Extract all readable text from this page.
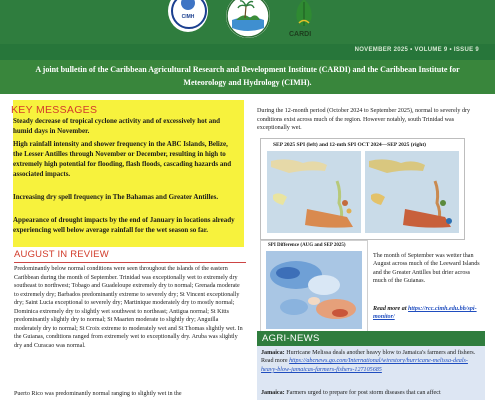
CIMH
CARDI
NOVEMBER 2025 • VOLUME 9 • ISSUE 9
A joint bulletin of the Caribbean Agricultural Research and Development Institute (CARDI) and the Caribbean Institute for Meteorology and Hydrology (CIMH).
KEY MESSAGES

Steady decrease of tropical cyclone activity and of excessively hot and humid days in November.

High rainfall intensity and shower frequency in the ABC Islands, Belize, the Lesser Antilles through November or December, resulting in high to extremely high potential for flooding, flash floods, cascading hazards and associated impacts.

Increasing dry spell frequency in The Bahamas and Greater Antilles.

Appearance of drought impacts by the end of January in locations already experiencing well below average rainfall for the wet season so far.

AUGUST IN REVIEW

Predominantly below normal conditions were seen throughout the islands of the eastern Caribbean during the month of September. Trinidad was exceptionally wet to extremely dry southeast to northwest; Tobago and Guadeloupe extremely dry to normal; Grenada moderate to extremely dry; Barbados predominantly extreme to severely dry; St Vincent exceptionally dry; Saint Lucia exceptional to severely dry; Martinique moderately dry to mostly normal; Dominica extremely dry to slightly wet southwest to northeast; Antigua normal; St Kitts predominantly slightly dry to normal; St Maarten moderate to slightly dry; Anguilla moderately dry to normal; St Croix extreme to moderately wet and St Thomas slightly wet. In the Guianas, conditions ranged from extremely wet to exceptionally dry. Aruba was slightly dry and Curacao was normal.

Puerto Rico was predominantly normal ranging to slightly wet in the

During the 12-month period (October 2024 to September 2025), normal to severely dry conditions exist across much of the region. However notably, south Trinidad was exceptionally wet.

SEP 2025 SPI (left) and 12-mth SPI OCT 2024—SEP 2025 (right)
SPI Difference (AUG and SEP 2025)

The month of September was wetter than August across much of the Leeward Islands and the Greater Antilles but drier across much of the Guianas.

Read more at https://rcc.cimh.edu.bb/spi-monitor/

AGRI-NEWS

Jamaica: Hurricane Melissa deals another heavy blow to Jamaica's farmers and fishers. Read more https://abcnews.go.com/International/wirestory/hurricane-melissa-deals-heavy-blow-jamaicas-farmers-fishers-127105685

Jamaica: Farmers urged to prepare for post storm diseases that can affect
